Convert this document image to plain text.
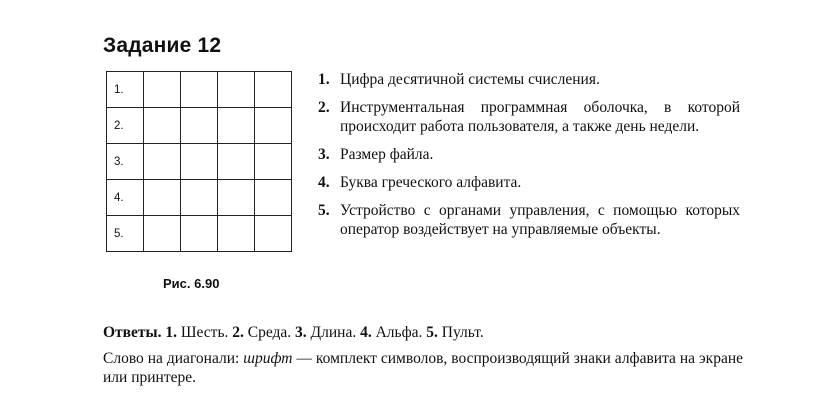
Задание 12
1.				
2.				
3.				
4.				
5.				
Рис. 6.90
1. Цифра десятичной системы счисления.
2. Инструментальная программная оболочка, в которой происходит работа пользователя, а также день недели.
3. Размер файла.
4. Буква греческого алфавита.
5. Устройство с органами управления, с помощью которых оператор воздействует на управляемые объекты.

Ответы. 1. Шесть. 2. Среда. 3. Длина. 4. Альфа. 5. Пульт.

Слово на диагонали: шрифт — комплект символов, воспроизводящий знаки алфавита на экране или принтере.
